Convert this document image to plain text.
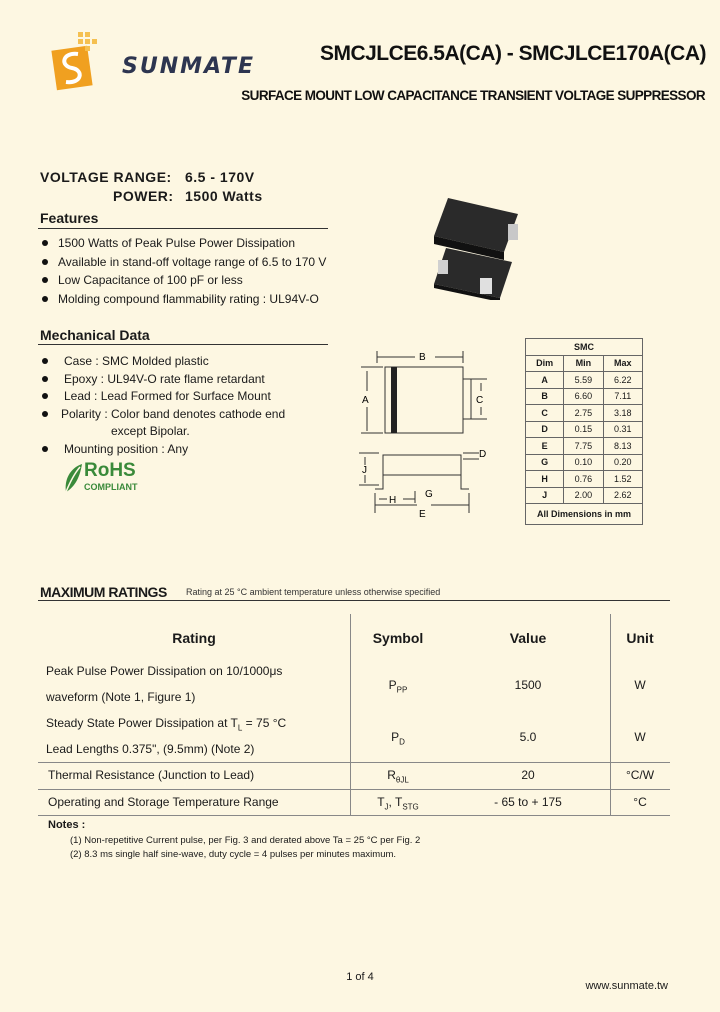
SUNMATE
SMCJLCE6.5A(CA) - SMCJLCE170A(CA)
SURFACE MOUNT LOW CAPACITANCE TRANSIENT VOLTAGE SUPPRESSOR
VOLTAGE RANGE: 6.5 - 170V
POWER: 1500 Watts
Features
1500 Watts of Peak Pulse Power Dissipation
Available in stand-off voltage range of 6.5 to 170 V
Low Capacitance of 100 pF or less
Molding compound flammability rating : UL94V-O
Mechanical Data
Case : SMC Molded plastic
Epoxy : UL94V-O rate flame retardant
Lead : Lead Formed for Surface Mount
Polarity : Color band denotes cathode end
except Bipolar.
Mounting position : Any
RoHS
COMPLIANT
B
A	C
D
J
H
G
E
SMC		
Dim	Min	Max
A	5.59	6.22
B	6.60	7.11
C	2.75	3.18
D	0.15	0.31
E	7.75	8.13
G	0.10	0.20
H	0.76	1.52
J	2.00	2.62
All Dimensions in mm		
MAXIMUM RATINGS Rating at 25 °C ambient temperature unless otherwise specified
Rating	Symbol	Value	Unit
Peak Pulse Power Dissipation on 10/1000μs
waveform (Note 1, Figure 1)
$P_{PP}$	1500	W
Steady State Power Dissipation at $T_L = 75$ °C
Lead Lengths 0.375", (9.5mm) (Note 2)
$P_D$	5.0	W
Thermal Resistance (Junction to Lead)	$R_{\theta JL}$	20	°C/W
Operating and Storage Temperature Range	$T_J$, $T_{STG}$	- 65 to + 175	°C
Notes :
(1) Non-repetitive Current pulse, per Fig. 3 and derated above Ta = 25 °C per Fig. 2
(2) 8.3 ms single half sine-wave, duty cycle = 4 pulses per minutes maximum.
1 of 4
www.sunmate.tw
